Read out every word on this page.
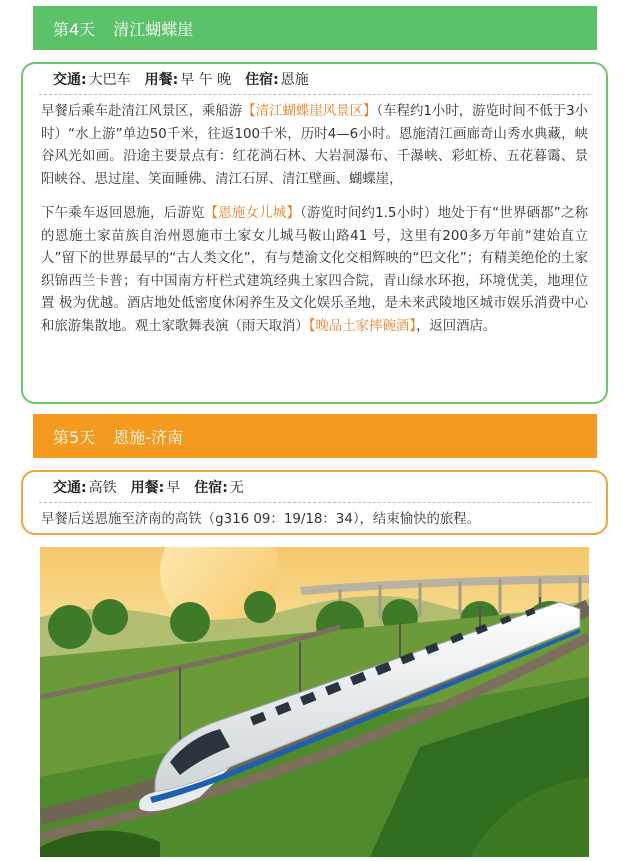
第4天 清江蝴蝶崖
交通: 大巴车 用餐: 早 午 晚 住宿: 恩施

早餐后乘车赴清江风景区，乘船游【清江蝴蝶崖风景区】（车程约1小时，游览时间不低于3小时）“水上游”单边50千米，往返100千米，历时4—6小时。恩施清江画廊奇山秀水典藏，峡谷风光如画。沿途主要景点有：红花淌石林、大岩洞瀑布、千瀑峡、彩虹桥、五花暮霭、景阳峡谷、思过崖、笑面睡佛、清江石屏、清江壁画、蝴蝶崖，

下午乘车返回恩施，后游览【恩施女儿城】（游览时间约1.5小时）地处于有“世界硒都”之称的恩施土家苗族自治州恩施市土家女儿城马鞍山路41 号，这里有200多万年前“建始直立人”留下的世界最早的“古人类文化”，有与楚渝文化交相辉映的“巴文化”；有精美绝伦的土家织锦西兰卡普；有中国南方杆栏式建筑经典土家四合院，青山绿水环抱，环境优美，地理位置 极为优越。酒店地处低密度休闲养生及文化娱乐圣地，是未来武陵地区城市娱乐消费中心和旅游集散地。观土家歌舞表演（雨天取消）【晚品土家摔碗酒】，返回酒店。

第5天 恩施-济南
交通: 高铁 用餐: 早 住宿: 无

早餐后送恩施至济南的高铁（g316 09：19/18：34），结束愉快的旅程。
